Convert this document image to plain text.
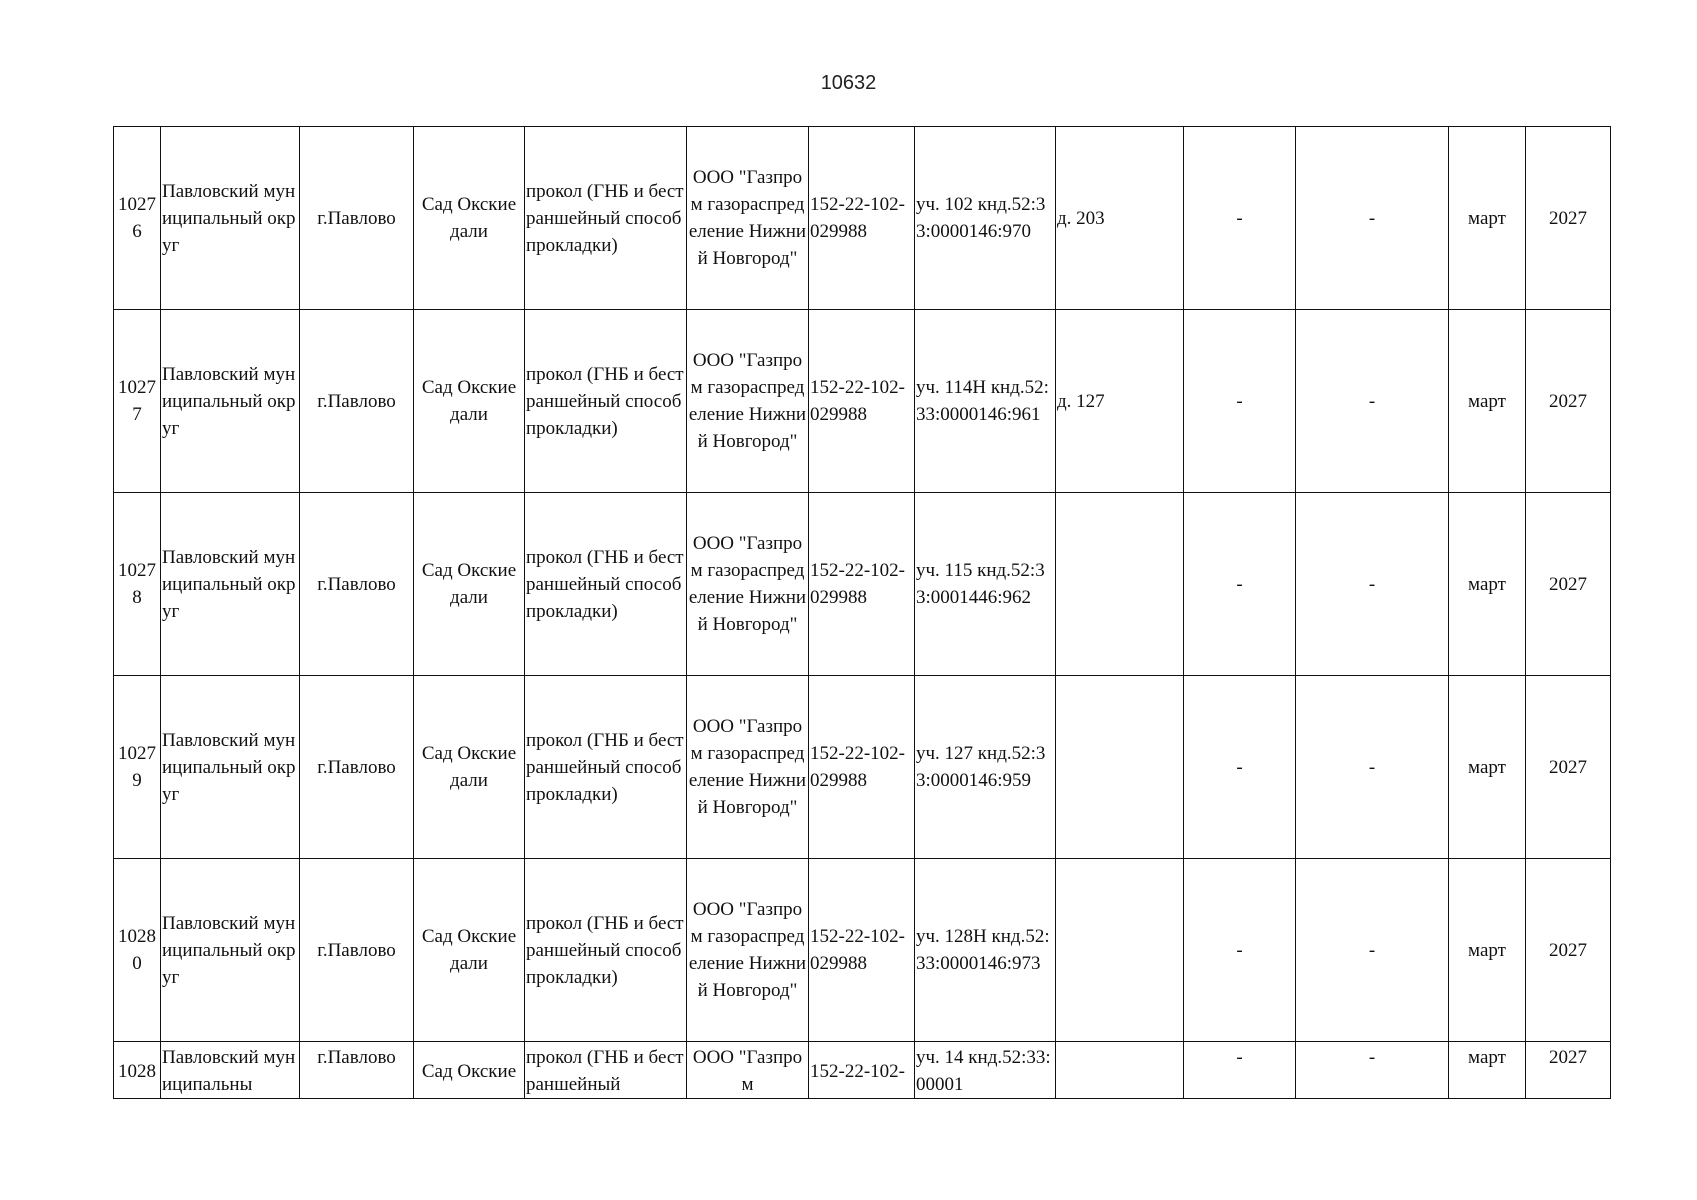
10632
10276	Павловский муниципальный округ	г.Павлово	Сад Окские дали	прокол (ГНБ и бестраншейный способ прокладки)	ООО "Газпром газораспределение Нижний Новгород"	152-22-102-029988	уч. 102 кнд.52:33:0000146:970	д. 203	-	-	март	2027
10277	Павловский муниципальный округ	г.Павлово	Сад Окские дали	прокол (ГНБ и бестраншейный способ прокладки)	ООО "Газпром газораспределение Нижний Новгород"	152-22-102-029988	уч. 114Н кнд.52:33:0000146:961	д. 127	-	-	март	2027
10278	Павловский муниципальный округ	г.Павлово	Сад Окские дали	прокол (ГНБ и бестраншейный способ прокладки)	ООО "Газпром газораспределение Нижний Новгород"	152-22-102-029988	уч. 115 кнд.52:33:0001446:962		-	-	март	2027
10279	Павловский муниципальный округ	г.Павлово	Сад Окские дали	прокол (ГНБ и бестраншейный способ прокладки)	ООО "Газпром газораспределение Нижний Новгород"	152-22-102-029988	уч. 127 кнд.52:33:0000146:959		-	-	март	2027
10280	Павловский муниципальный округ	г.Павлово	Сад Окские дали	прокол (ГНБ и бестраншейный способ прокладки)	ООО "Газпром газораспределение Нижний Новгород"	152-22-102-029988	уч. 128Н кнд.52:33:0000146:973		-	-	март	2027
1028	Павловский муниципальны	г.Павлово	Сад Окские	прокол (ГНБ и бестраншейный	ООО "Газпром	152-22-102-	уч. 14 кнд.52:33:00001		-	-	март	2027
